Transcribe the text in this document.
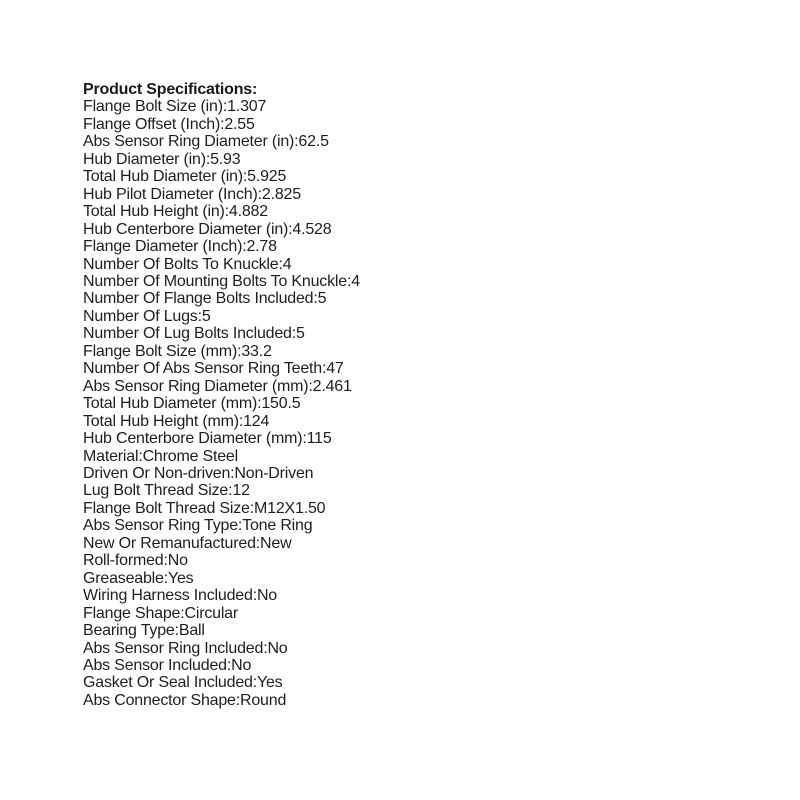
Product Specifications:
Flange Bolt Size (in):1.307
Flange Offset (Inch):2.55
Abs Sensor Ring Diameter (in):62.5
Hub Diameter (in):5.93
Total Hub Diameter (in):5.925
Hub Pilot Diameter (Inch):2.825
Total Hub Height (in):4.882
Hub Centerbore Diameter (in):4.528
Flange Diameter (Inch):2.78
Number Of Bolts To Knuckle:4
Number Of Mounting Bolts To Knuckle:4
Number Of Flange Bolts Included:5
Number Of Lugs:5
Number Of Lug Bolts Included:5
Flange Bolt Size (mm):33.2
Number Of Abs Sensor Ring Teeth:47
Abs Sensor Ring Diameter (mm):2.461
Total Hub Diameter (mm):150.5
Total Hub Height (mm):124
Hub Centerbore Diameter (mm):115
Material:Chrome Steel
Driven Or Non-driven:Non-Driven
Lug Bolt Thread Size:12
Flange Bolt Thread Size:M12X1.50
Abs Sensor Ring Type:Tone Ring
New Or Remanufactured:New
Roll-formed:No
Greaseable:Yes
Wiring Harness Included:No
Flange Shape:Circular
Bearing Type:Ball
Abs Sensor Ring Included:No
Abs Sensor Included:No
Gasket Or Seal Included:Yes
Abs Connector Shape:Round
